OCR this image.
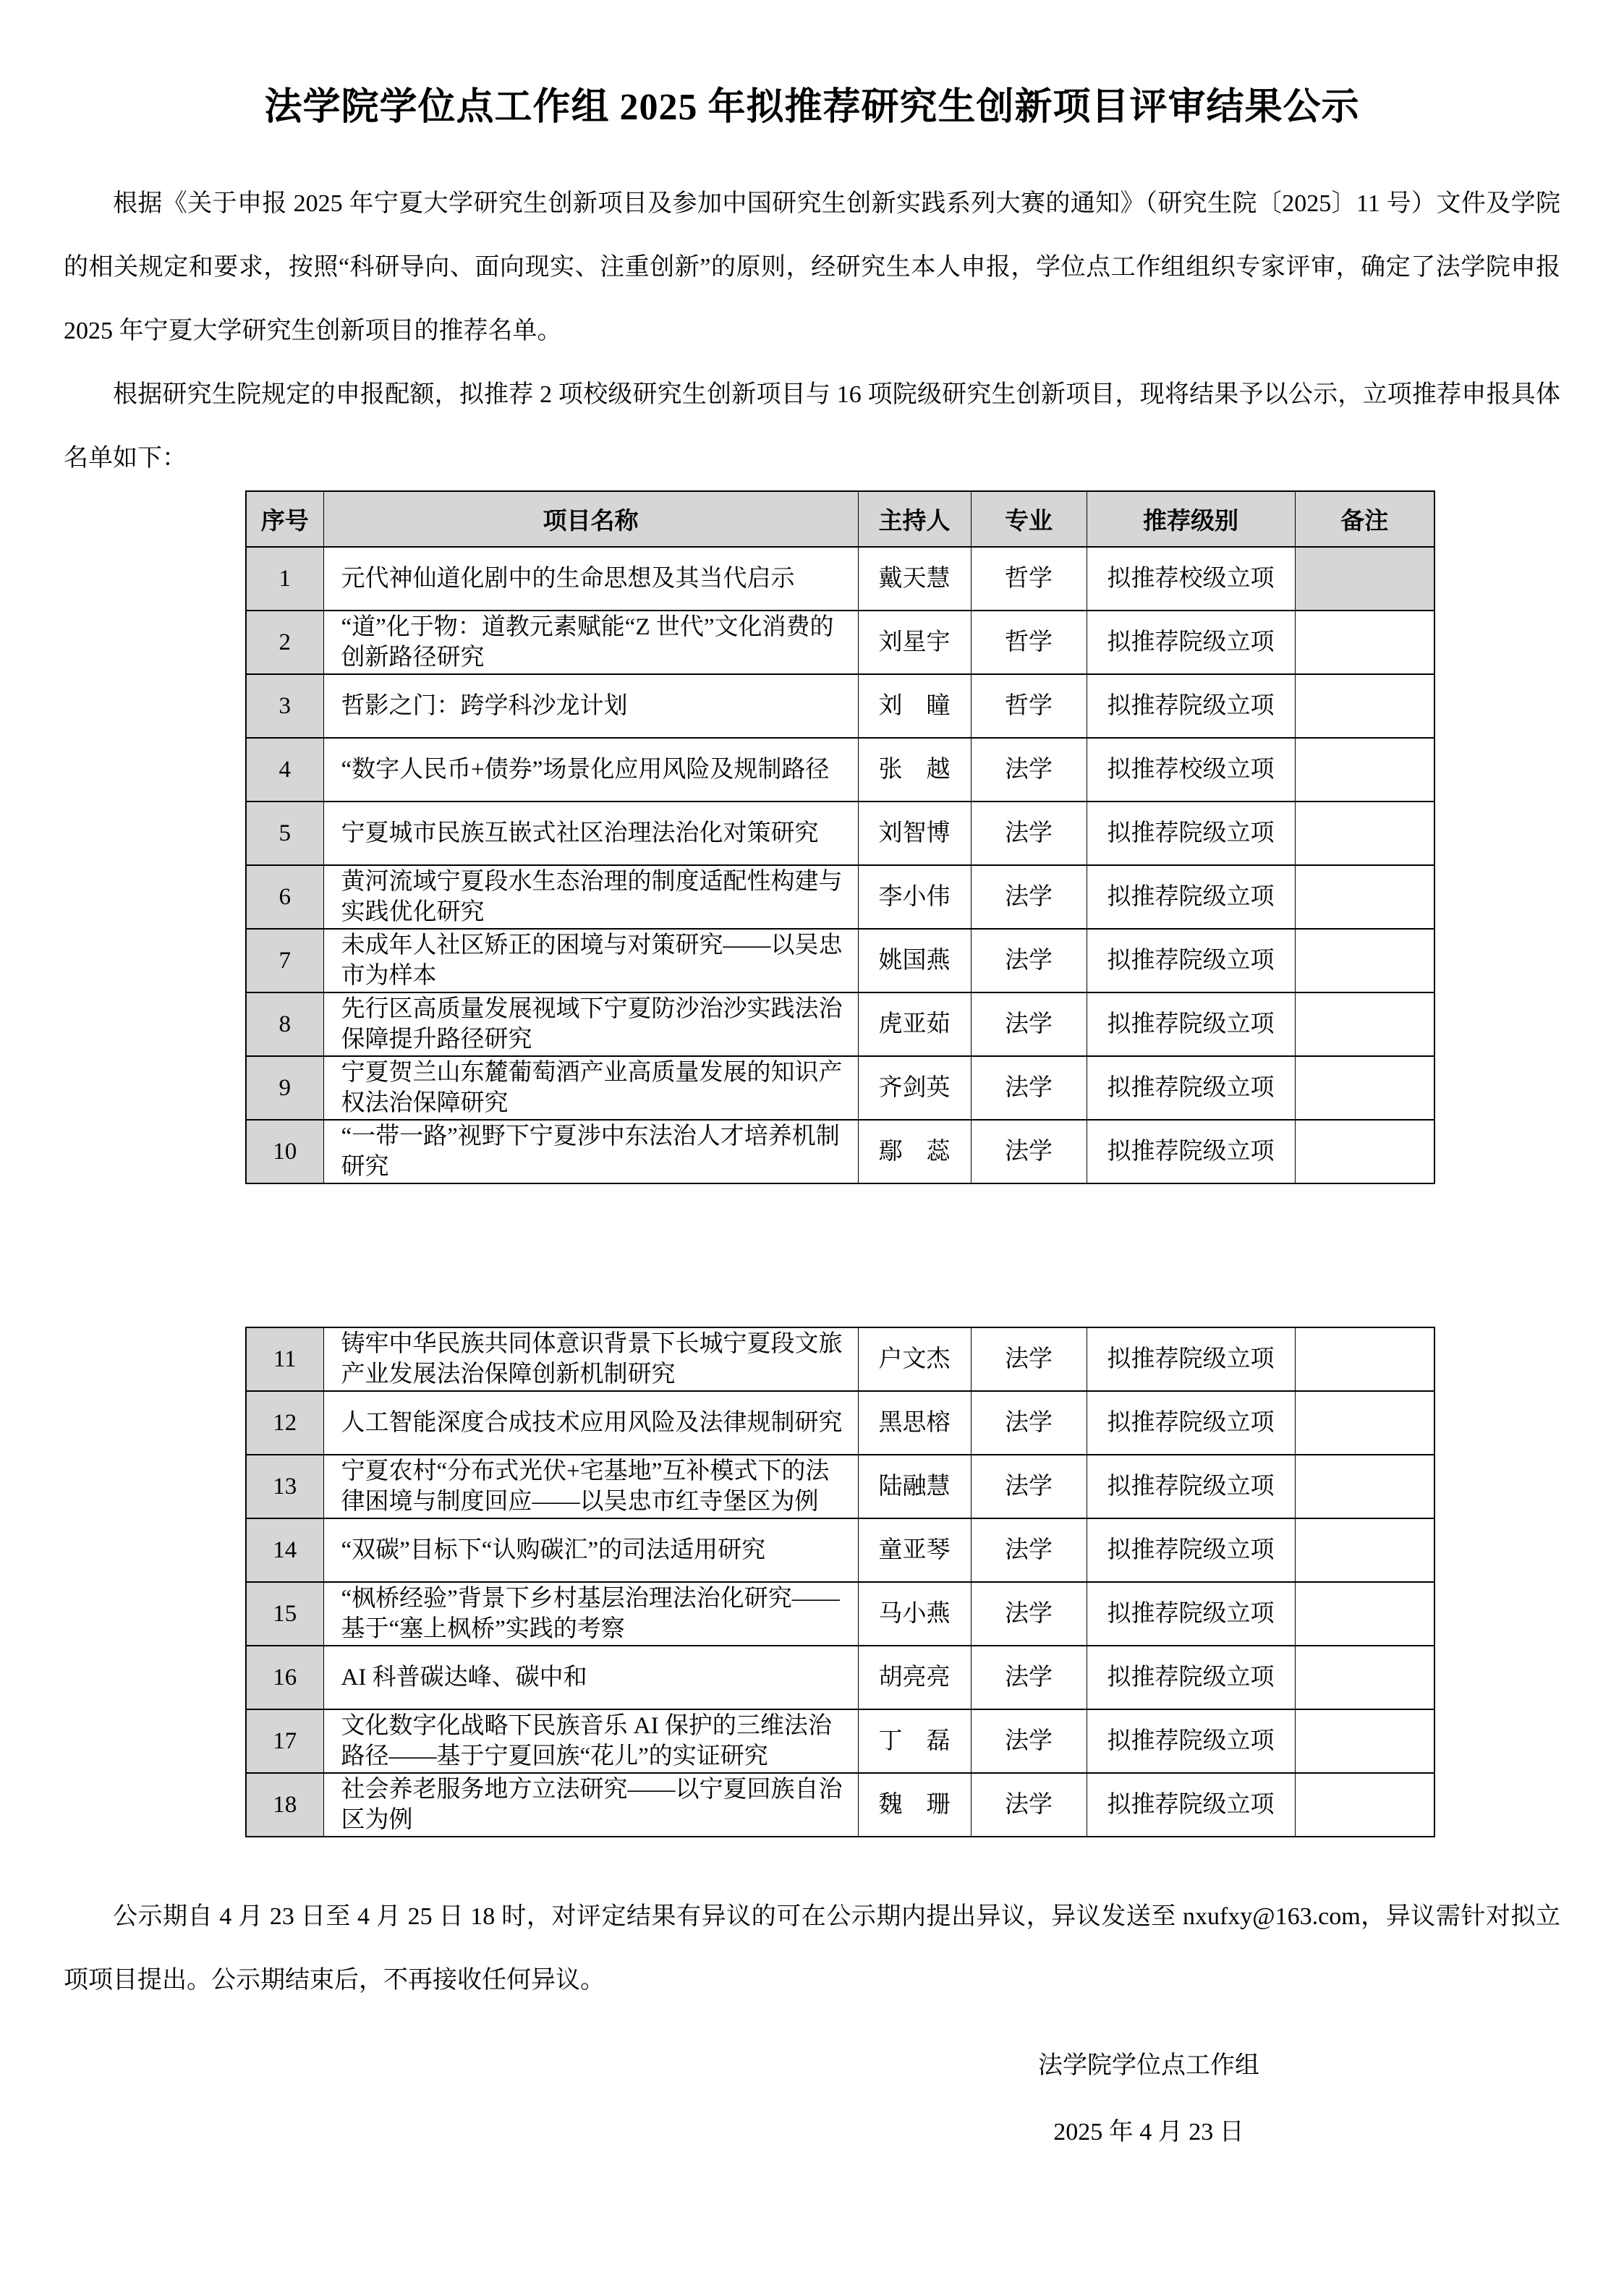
法学院学位点工作组 2025 年拟推荐研究生创新项目评审结果公示

根据《关于申报 2025 年宁夏大学研究生创新项目及参加中国研究生创新实践系列大赛的通知》（研究生院〔2025〕11 号）文件及学院的相关规定和要求，按照“科研导向、面向现实、注重创新”的原则，经研究生本人申报，学位点工作组组织专家评审，确定了法学院申报 2025 年宁夏大学研究生创新项目的推荐名单。

根据研究生院规定的申报配额，拟推荐 2 项校级研究生创新项目与 16 项院级研究生创新项目，现将结果予以公示，立项推荐申报具体名单如下：

序号	项目名称	主持人	专业	推荐级别	备注
1	元代神仙道化剧中的生命思想及其当代启示	戴天慧	哲学	拟推荐校级立项	
2	“道”化于物：道教元素赋能“Z 世代”文化消费的创新路径研究	刘星宇	哲学	拟推荐院级立项	
3	哲影之门：跨学科沙龙计划	刘　瞳	哲学	拟推荐院级立项	
4	“数字人民币+债券”场景化应用风险及规制路径	张　越	法学	拟推荐校级立项	
5	宁夏城市民族互嵌式社区治理法治化对策研究	刘智博	法学	拟推荐院级立项	
6	黄河流域宁夏段水生态治理的制度适配性构建与实践优化研究	李小伟	法学	拟推荐院级立项	
7	未成年人社区矫正的困境与对策研究——以吴忠市为样本	姚国燕	法学	拟推荐院级立项	
8	先行区高质量发展视域下宁夏防沙治沙实践法治保障提升路径研究	虎亚茹	法学	拟推荐院级立项	
9	宁夏贺兰山东麓葡萄酒产业高质量发展的知识产权法治保障研究	齐剑英	法学	拟推荐院级立项	
10	“一带一路”视野下宁夏涉中东法治人才培养机制研究	鄢　蕊	法学	拟推荐院级立项	
11	铸牢中华民族共同体意识背景下长城宁夏段文旅产业发展法治保障创新机制研究	户文杰	法学	拟推荐院级立项	
12	人工智能深度合成技术应用风险及法律规制研究	黑思榕	法学	拟推荐院级立项	
13	宁夏农村“分布式光伏+宅基地”互补模式下的法律困境与制度回应——以吴忠市红寺堡区为例	陆融慧	法学	拟推荐院级立项	
14	“双碳”目标下“认购碳汇”的司法适用研究	童亚琴	法学	拟推荐院级立项	
15	“枫桥经验”背景下乡村基层治理法治化研究——基于“塞上枫桥”实践的考察	马小燕	法学	拟推荐院级立项	
16	AI 科普碳达峰、碳中和	胡亮亮	法学	拟推荐院级立项	
17	文化数字化战略下民族音乐 AI 保护的三维法治路径——基于宁夏回族“花儿”的实证研究	丁　磊	法学	拟推荐院级立项	
18	社会养老服务地方立法研究——以宁夏回族自治区为例	魏　珊	法学	拟推荐院级立项	

公示期自 4 月 23 日至 4 月 25 日 18 时，对评定结果有异议的可在公示期内提出异议，异议发送至 nxufxy@163.com，异议需针对拟立项项目提出。公示期结束后，不再接收任何异议。

法学院学位点工作组
2025 年 4 月 23 日
